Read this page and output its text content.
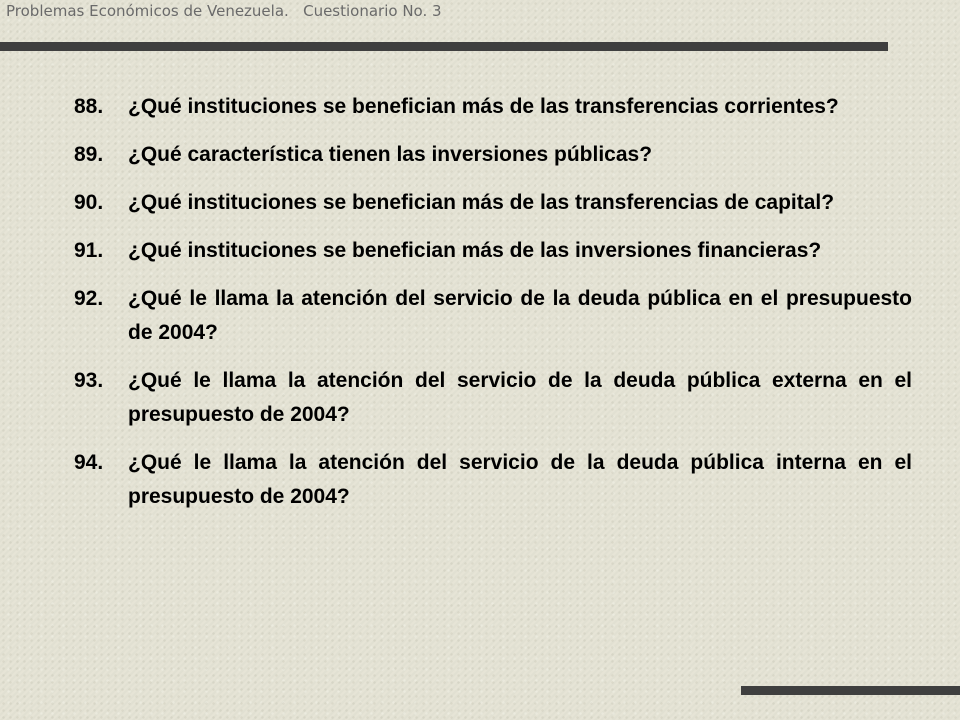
Problemas Económicos de Venezuela.   Cuestionario No. 3
88.	¿Qué instituciones se benefician más de las transferencias corrientes?
89.	¿Qué característica tienen las inversiones públicas?
90.	¿Qué instituciones se benefician más de las transferencias de capital?
91.	¿Qué instituciones se benefician más de las inversiones financieras?
92.	¿Qué le llama la atención del servicio de la deuda pública en el presupuesto de 2004?
93.	¿Qué le llama la atención del servicio de la deuda pública externa en el presupuesto de 2004?
94.	¿Qué le llama la atención del servicio de la deuda pública interna en el presupuesto de 2004?
